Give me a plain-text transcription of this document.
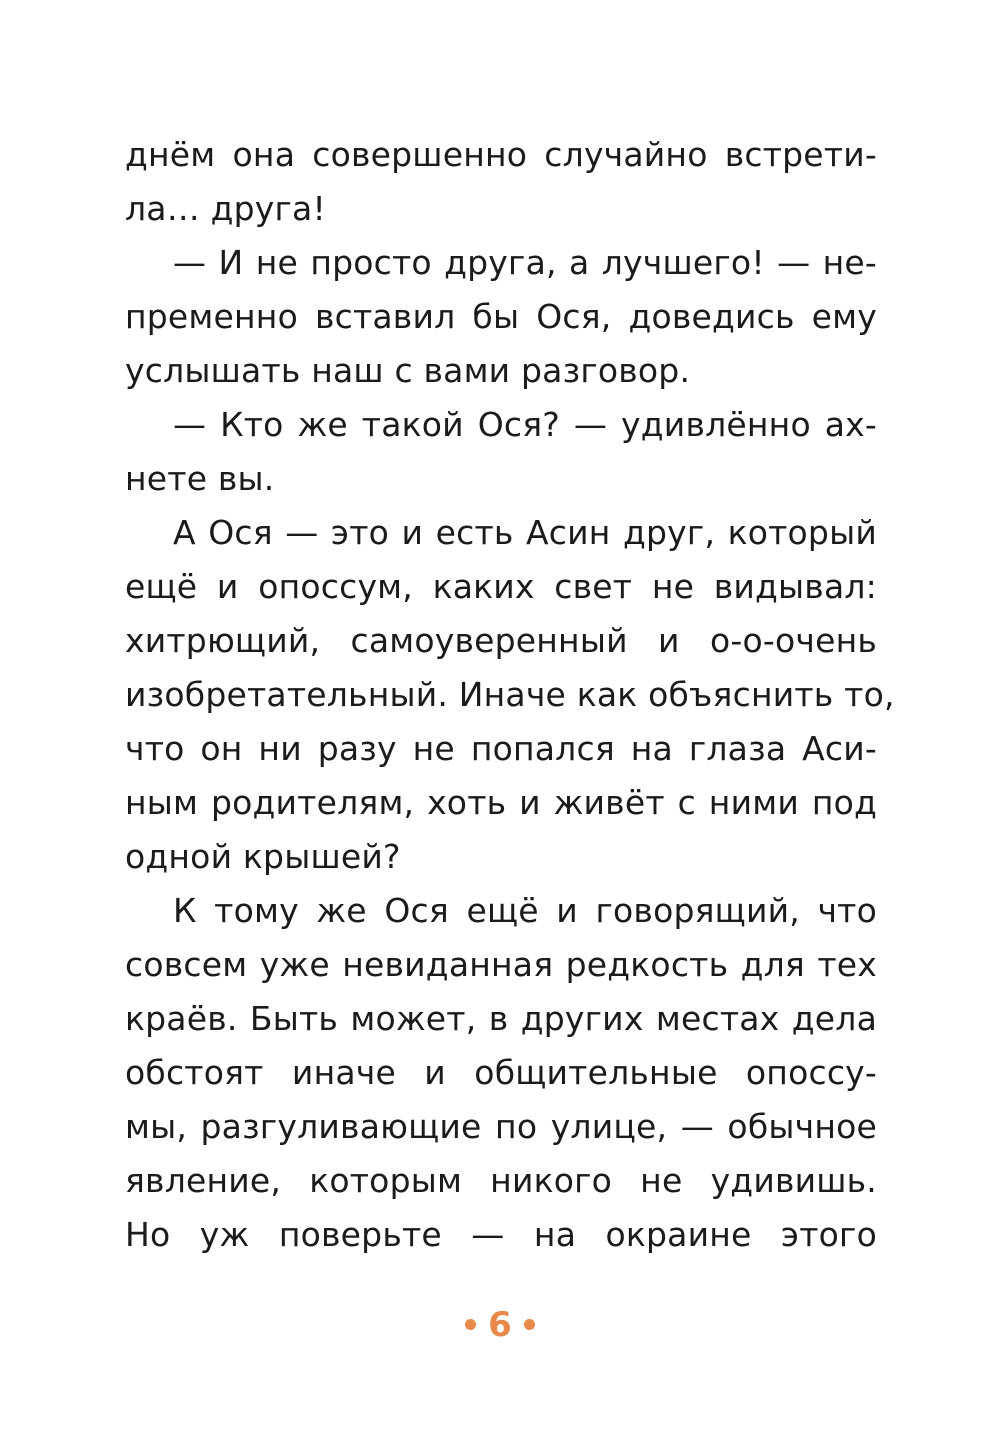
днём она совершенно случайно встрети-
ла… друга!
— И не просто друга, а лучшего! — не-
пременно вставил бы Ося, доведись ему
услышать наш с вами разговор.
— Кто же такой Ося? — удивлённо ах-
нете вы.
А Ося — это и есть Асин друг, который
ещё и опоссум, каких свет не видывал:
хитрющий, самоуверенный и о-о-очень
изобретательный. Иначе как объяснить то,
что он ни разу не попался на глаза Аси-
ным родителям, хоть и живёт с ними под
одной крышей?
К тому же Ося ещё и говорящий, что
совсем уже невиданная редкость для тех
краёв. Быть может, в других местах дела
обстоят иначе и общительные опоссу-
мы, разгуливающие по улице, — обычное
явление, которым никого не удивишь.
Но уж поверьте — на окраине этого
6
